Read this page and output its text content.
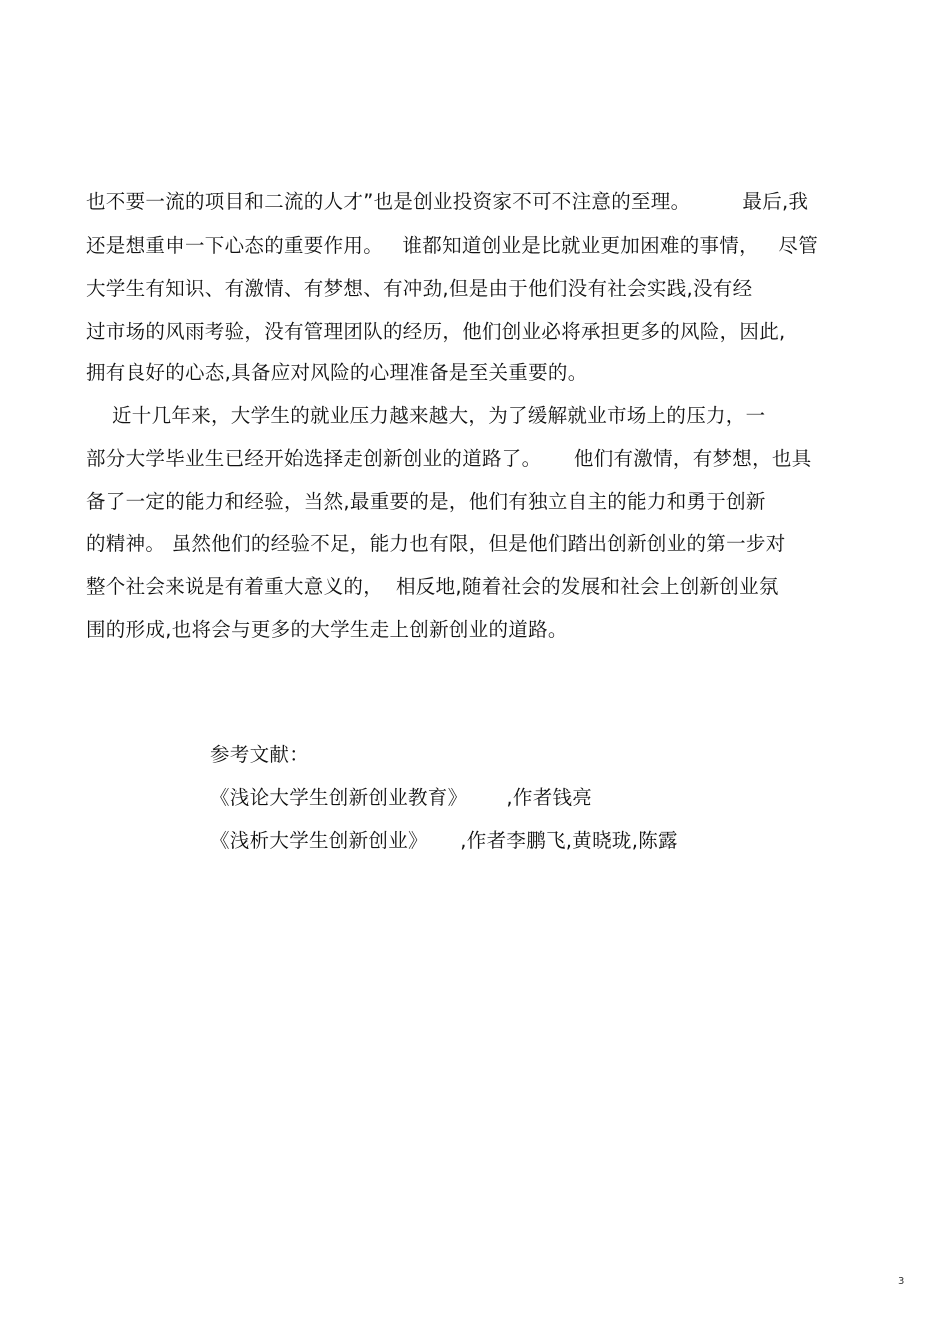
也不要一流的项目和二流的人才”也是创业投资家不可不注意的至理。        最后,我
还是想重申一下心态的重要作用。   谁都知道创业是比就业更加困难的事情，   尽管
大学生有知识、有激情、有梦想、有冲劲,但是由于他们没有社会实践,没有经
过市场的风雨考验，没有管理团队的经历，他们创业必将承担更多的风险，因此,
拥有良好的心态,具备应对风险的心理准备是至关重要的。
近十几年来，大学生的就业压力越来越大，为了缓解就业市场上的压力，一
部分大学毕业生已经开始选择走创新创业的道路了。     他们有激情，有梦想，也具
备了一定的能力和经验，当然,最重要的是，他们有独立自主的能力和勇于创新
的精神。 虽然他们的经验不足，能力也有限，但是他们踏出创新创业的第一步对
整个社会来说是有着重大意义的，  相反地,随着社会的发展和社会上创新创业氛
围的形成,也将会与更多的大学生走上创新创业的道路。
参考文献：
《浅论大学生创新创业教育》      ,作者钱亮
《浅析大学生创新创业》     ,作者李鹏飞,黄晓珑,陈露
3
